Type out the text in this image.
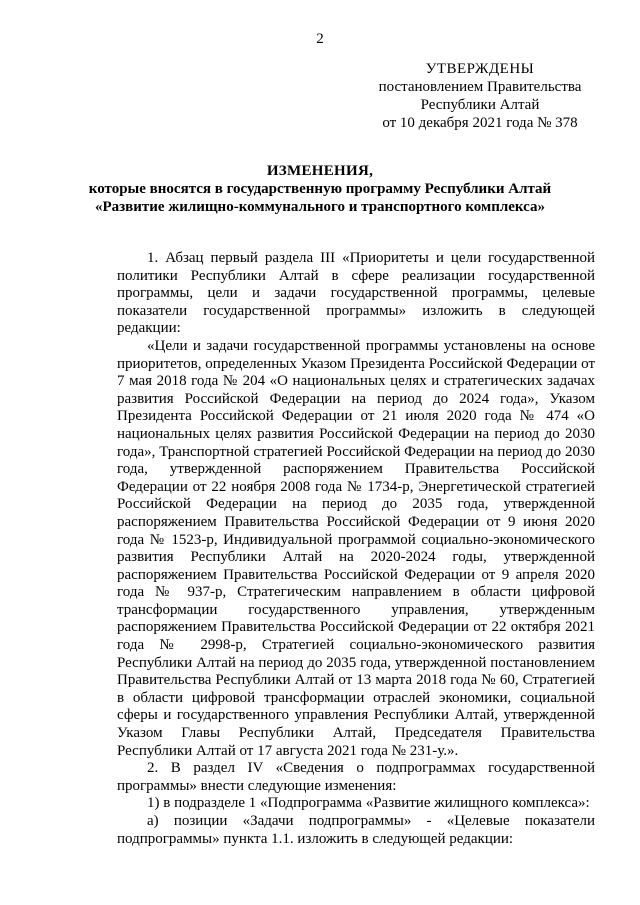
2
УТВЕРЖДЕНЫ
постановлением Правительства
Республики Алтай
от 10 декабря 2021 года № 378
ИЗМЕНЕНИЯ,
которые вносятся в государственную программу Республики Алтай
«Развитие жилищно-коммунального и транспортного комплекса»

1. Абзац первый раздела III «Приоритеты и цели государственной политики Республики Алтай в сфере реализации государственной программы, цели и задачи государственной программы, целевые показатели государственной программы» изложить в следующей редакции:

«Цели и задачи государственной программы установлены на основе приоритетов, определенных Указом Президента Российской Федерации от 7 мая 2018 года № 204 «О национальных целях и стратегических задачах развития Российской Федерации на период до 2024 года», Указом Президента Российской Федерации от 21 июля 2020 года № 474 «О национальных целях развития Российской Федерации на период до 2030 года», Транспортной стратегией Российской Федерации на период до 2030 года, утвержденной распоряжением Правительства Российской Федерации от 22 ноября 2008 года № 1734-р, Энергетической стратегией Российской Федерации на период до 2035 года, утвержденной распоряжением Правительства Российской Федерации от 9 июня 2020 года № 1523-р, Индивидуальной программой социально-экономического развития Республики Алтай на 2020-2024 годы, утвержденной распоряжением Правительства Российской Федерации от 9 апреля 2020 года № 937-р, Стратегическим направлением в области цифровой трансформации государственного управления, утвержденным распоряжением Правительства Российской Федерации от 22 октября 2021 года № 2998-р, Стратегией социально-экономического развития Республики Алтай на период до 2035 года, утвержденной постановлением Правительства Республики Алтай от 13 марта 2018 года № 60, Стратегией в области цифровой трансформации отраслей экономики, социальной сферы и государственного управления Республики Алтай, утвержденной Указом Главы Республики Алтай, Председателя Правительства Республики Алтай от 17 августа 2021 года № 231-у.».

2. В раздел IV «Сведения о подпрограммах государственной программы» внести следующие изменения:

1) в подразделе 1 «Подпрограмма «Развитие жилищного комплекса»:

а) позиции «Задачи подпрограммы» - «Целевые показатели подпрограммы» пункта 1.1. изложить в следующей редакции:
